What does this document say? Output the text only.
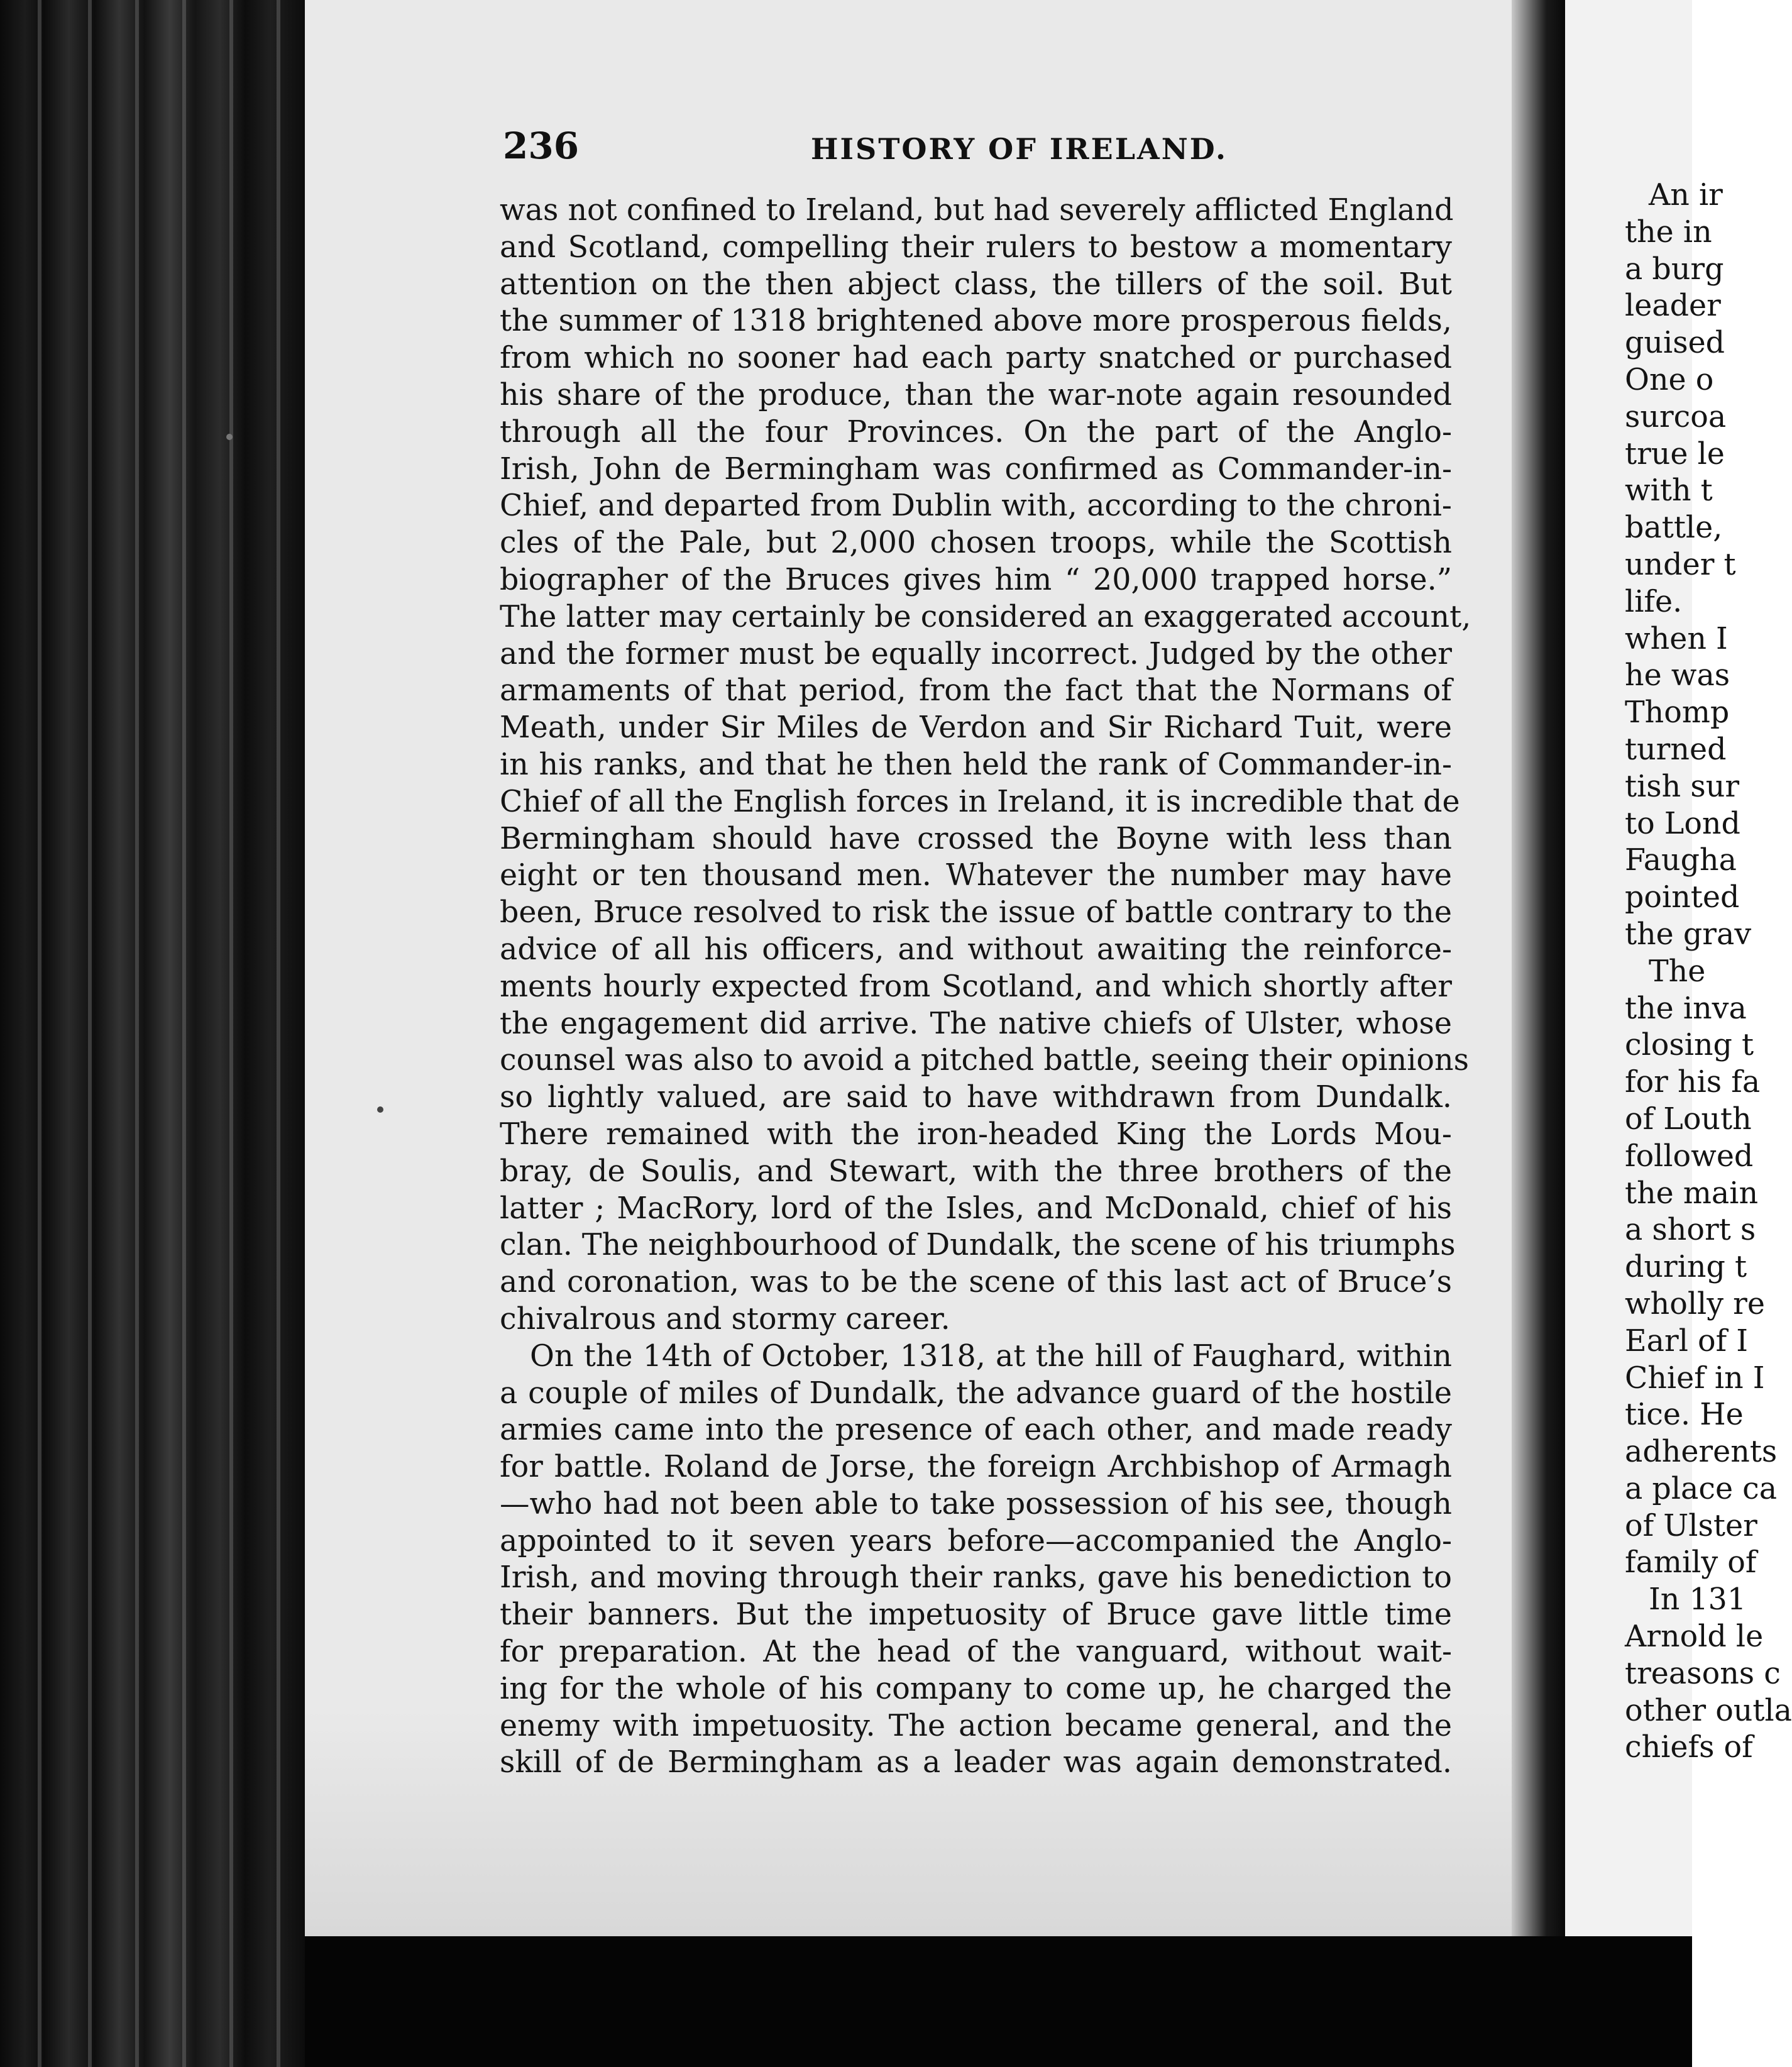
236	HISTORY OF IRELAND.
was not confined to Ireland, but had severely afflicted England
and Scotland, compelling their rulers to bestow a momentary
attention on the then abject class, the tillers of the soil. But
the summer of 1318 brightened above more prosperous fields,
from which no sooner had each party snatched or purchased
his share of the produce, than the war-note again resounded
through all the four Provinces. On the part of the Anglo-
Irish, John de Bermingham was confirmed as Commander-in-
Chief, and departed from Dublin with, according to the chroni-
cles of the Pale, but 2,000 chosen troops, while the Scottish
biographer of the Bruces gives him “ 20,000 trapped horse.”
The latter may certainly be considered an exaggerated account,
and the former must be equally incorrect. Judged by the other
armaments of that period, from the fact that the Normans of
Meath, under Sir Miles de Verdon and Sir Richard Tuit, were
in his ranks, and that he then held the rank of Commander-in-
Chief of all the English forces in Ireland, it is incredible that de
Bermingham should have crossed the Boyne with less than
eight or ten thousand men. Whatever the number may have
been, Bruce resolved to risk the issue of battle contrary to the
advice of all his officers, and without awaiting the reinforce-
ments hourly expected from Scotland, and which shortly after
the engagement did arrive. The native chiefs of Ulster, whose
counsel was also to avoid a pitched battle, seeing their opinions
so lightly valued, are said to have withdrawn from Dundalk.
There remained with the iron-headed King the Lords Mou-
bray, de Soulis, and Stewart, with the three brothers of the
latter ; MacRory, lord of the Isles, and McDonald, chief of his
clan. The neighbourhood of Dundalk, the scene of his triumphs
and coronation, was to be the scene of this last act of Bruce’s
chivalrous and stormy career.
On the 14th of October, 1318, at the hill of Faughard, within
a couple of miles of Dundalk, the advance guard of the hostile
armies came into the presence of each other, and made ready
for battle. Roland de Jorse, the foreign Archbishop of Armagh
—who had not been able to take possession of his see, though
appointed to it seven years before—accompanied the Anglo-
Irish, and moving through their ranks, gave his benediction to
their banners. But the impetuosity of Bruce gave little time
for preparation. At the head of the vanguard, without wait-
ing for the whole of his company to come up, he charged the
enemy with impetuosity. The action became general, and the
skill of de Bermingham as a leader was again demonstrated.
An ir
the in
a burg
leader
guised
One o
surcoa
true le
with t
battle,
under t
life.
when I
he was
Thomp
turned
tish sur
to Lond
Faugha
pointed
the grav
The
the inva
closing t
for his fa
of Louth
followed
the main
a short s
during t
wholly re
Earl of I
Chief in I
tice. He
adherents
a place ca
of Ulster
family of
In 131
Arnold le
treasons c
other outla
chiefs of
